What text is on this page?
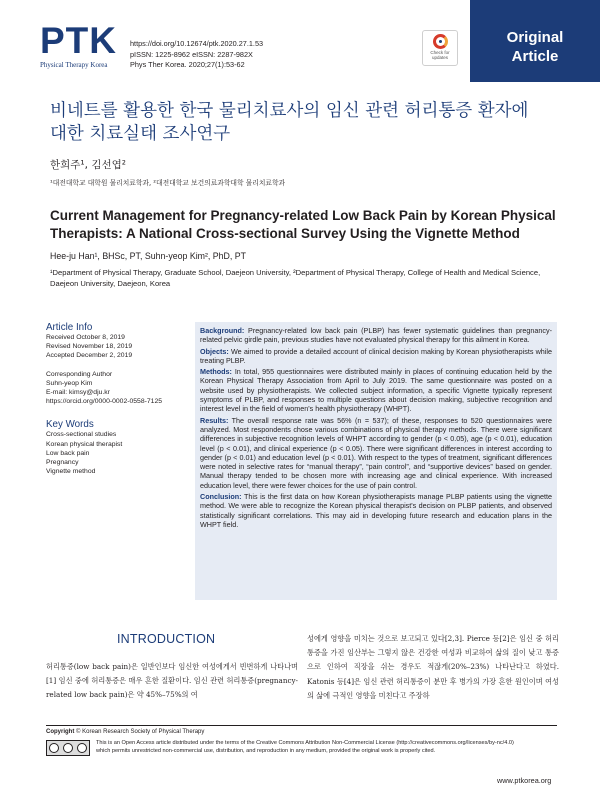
PTK
Physical Therapy Korea
https://doi.org/10.12674/ptk.2020.27.1.53
pISSN: 1225-8962 eISSN: 2287-982X
Phys Ther Korea. 2020;27(1):53-62
Check for updates
Original
Article
비네트를 활용한 한국 물리치료사의 임신 관련 허리통증 환자에 대한 치료실태 조사연구
한희주¹, 김선엽²
¹대전대학교 대학원 물리치료학과, ²대전대학교 보건의료과학대학 물리치료학과
Current Management for Pregnancy-related Low Back Pain by Korean Physical Therapists: A National Cross-sectional Survey Using the Vignette Method
Hee-ju Han¹, BHSc, PT, Suhn-yeop Kim², PhD, PT
¹Department of Physical Therapy, Graduate School, Daejeon University, ²Department of Physical Therapy, College of Health and Medical Science, Daejeon University, Daejeon, Korea
Article Info
Received October 8, 2019
Revised November 18, 2019
Accepted December 2, 2019
Corresponding Author
Suhn-yeop Kim
E-mail: kimsy@dju.kr
https://orcid.org/0000-0002-0558-7125
Key Words
Cross-sectional studies
Korean physical therapist
Low back pain
Pregnancy
Vignette method

Background: Pregnancy-related low back pain (PLBP) has fewer systematic guidelines than pregnancy-related pelvic girdle pain, previous studies have not evaluated physical therapy for this ailment in Korea.

Objects: We aimed to provide a detailed account of clinical decision making by Korean physiotherapists while treating PLBP.

Methods: In total, 955 questionnaires were distributed mainly in places of continuing education held by the Korean Physical Therapy Association from April to July 2019. The same questionnaire was posted on a website used by physiotherapists. We collected subject information, a specific Vignette typically represent symptoms of PLBP, and responses to multiple questions about decision making, subjective recognition and interest level in the field of women's health physiotherapy (WHPT).

Results: The overall response rate was 56% (n = 537); of these, responses to 520 questionnaires were analyzed. Most respondents chose various combinations of physical therapy methods. There were significant differences in subjective recognition levels of WHPT according to gender (p < 0.05), age (p < 0.01), education level (p < 0.01), and clinical experience (p < 0.05). There were significant differences in interest according to gender (p < 0.01) and education level (p < 0.01). With respect to the types of treatment, significant differences were noted in selective rates for “manual therapy”, “pain control”, and “supportive devices” based on gender. Manual therapy tended to be chosen more with increasing age and clinical experience. With increased education level, there were fewer choices for the use of pain control.

Conclusion: This is the first data on how Korean physiotherapists manage PLBP patients using the vignette method. We were able to recognize the Korean physical therapist's decision on PLBP patients, and observed statistically significant correlations. This may aid in developing future research and education plans in the WHPT field.

INTRODUCTION
허리통증(low back pain)은 일반인보다 임신한 여성에게서 빈번하게 나타나며[1] 임신 중에 허리통증은 매우 흔한 질환이다. 임신 관련 허리통증(pregnancy-related low back pain)은 약 45%–75%의 여
성에게 영향을 미치는 것으로 보고되고 있다[2,3]. Pierce 등[2]은 임신 중 허리통증을 가진 임산부는 그렇지 않은 건강한 여성과 비교하여 삶의 질이 낮고 통증으로 인하여 직장을 쉬는 경우도 적잖게(20%–23%) 나타난다고 하였다. Katonis 등[4]은 임신 관련 허리통증이 분만 후 병가의 가장 흔한 원인이며 여성의 삶에 극적인 영향을 미친다고 주장하
Copyright © Korean Research Society of Physical Therapy
This is an Open Access article distributed under the terms of the Creative Commons Attribution Non-Commercial License (http://creativecommons.org/licenses/by-nc/4.0)
which permits unrestricted non-commercial use, distribution, and reproduction in any medium, provided the original work is properly cited.
www.ptkorea.org
